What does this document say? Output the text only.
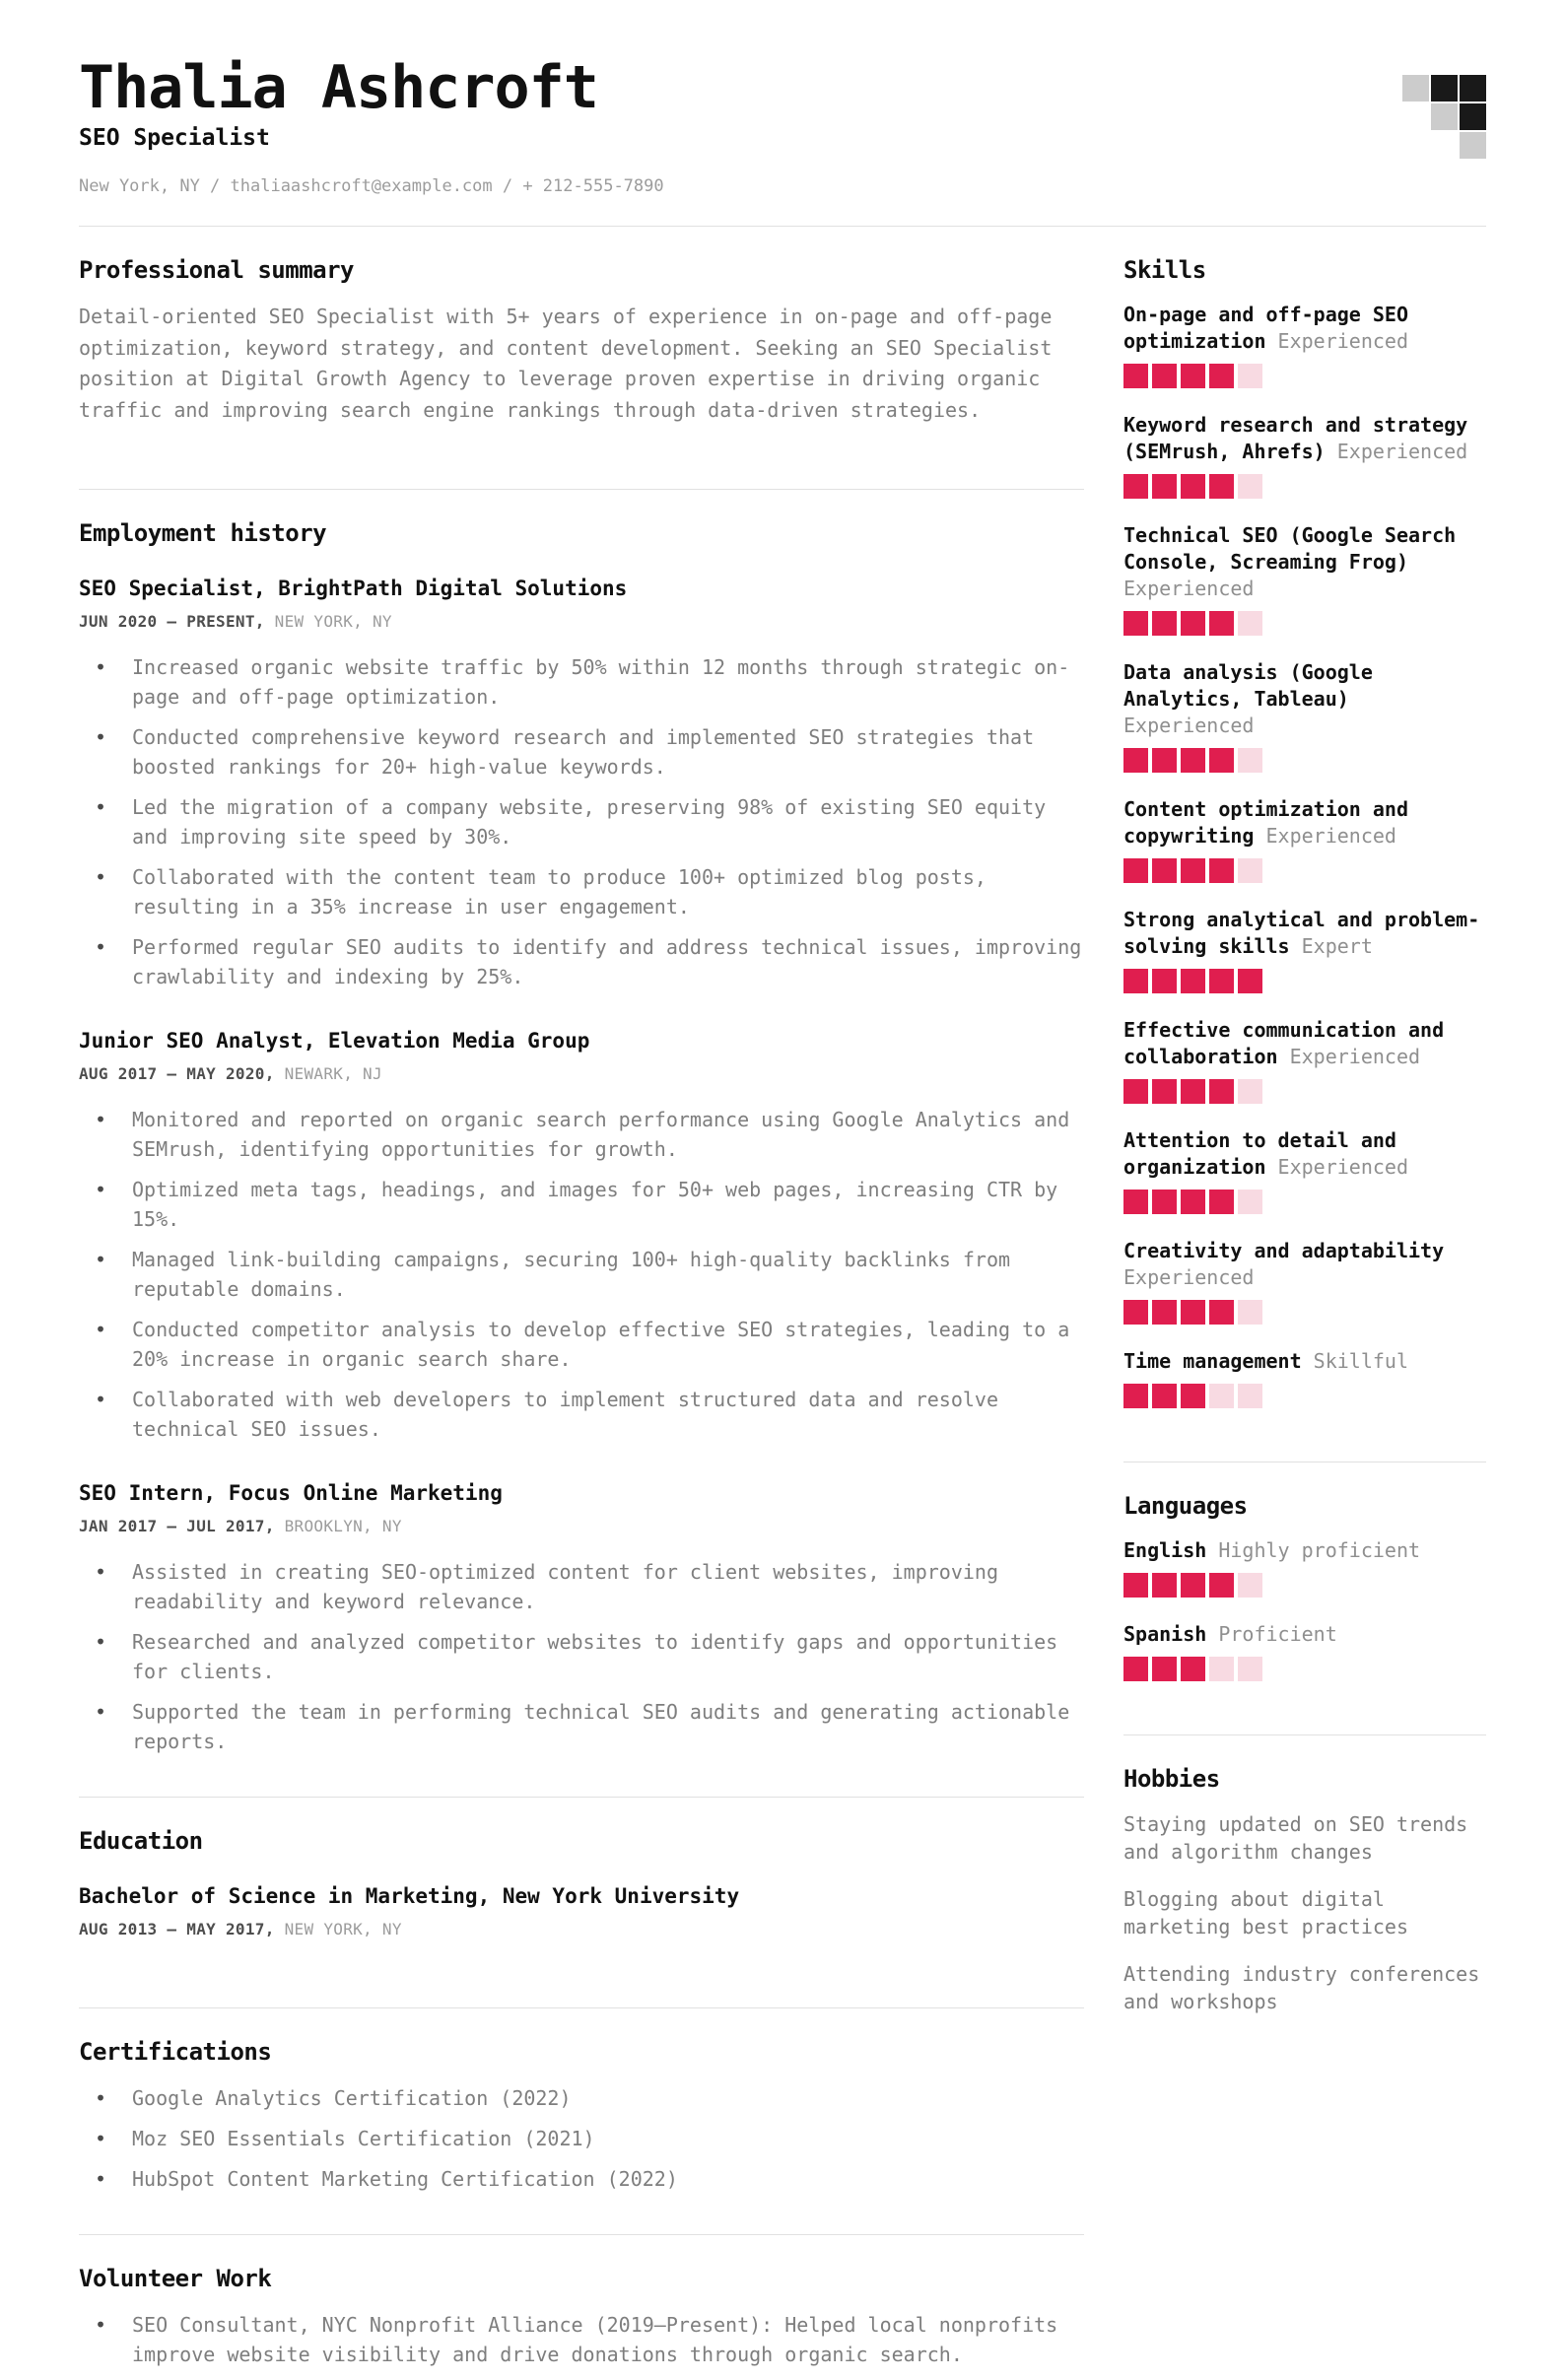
Thalia Ashcroft
SEO Specialist
New York, NY / thaliaashcroft@example.com / + 212-555-7890
Professional summary

Detail-oriented SEO Specialist with 5+ years of experience in on-page and off-page optimization, keyword strategy, and content development. Seeking an SEO Specialist position at Digital Growth Agency to leverage proven expertise in driving organic traffic and improving search engine rankings through data-driven strategies.

Employment history
SEO Specialist, BrightPath Digital Solutions

JUN 2020 – PRESENT, NEW YORK, NY

• Increased organic website traffic by 50% within 12 months through strategic on-page and off-page optimization.
• Conducted comprehensive keyword research and implemented SEO strategies that boosted rankings for 20+ high-value keywords.
• Led the migration of a company website, preserving 98% of existing SEO equity and improving site speed by 30%.
• Collaborated with the content team to produce 100+ optimized blog posts, resulting in a 35% increase in user engagement.
• Performed regular SEO audits to identify and address technical issues, improving crawlability and indexing by 25%.
Junior SEO Analyst, Elevation Media Group

AUG 2017 – MAY 2020, NEWARK, NJ

• Monitored and reported on organic search performance using Google Analytics and SEMrush, identifying opportunities for growth.
• Optimized meta tags, headings, and images for 50+ web pages, increasing CTR by 15%.
• Managed link-building campaigns, securing 100+ high-quality backlinks from reputable domains.
• Conducted competitor analysis to develop effective SEO strategies, leading to a 20% increase in organic search share.
• Collaborated with web developers to implement structured data and resolve technical SEO issues.
SEO Intern, Focus Online Marketing

JAN 2017 – JUL 2017, BROOKLYN, NY

• Assisted in creating SEO-optimized content for client websites, improving readability and keyword relevance.
• Researched and analyzed competitor websites to identify gaps and opportunities for clients.
• Supported the team in performing technical SEO audits and generating actionable reports.
Education
Bachelor of Science in Marketing, New York University

AUG 2013 – MAY 2017, NEW YORK, NY

Certifications
• Google Analytics Certification (2022)
• Moz SEO Essentials Certification (2021)
• HubSpot Content Marketing Certification (2022)
Volunteer Work
• SEO Consultant, NYC Nonprofit Alliance (2019–Present): Helped local nonprofits improve website visibility and drive donations through organic search.
Skills

On-page and off-page SEO optimization Experienced

Keyword research and strategy (SEMrush, Ahrefs) Experienced

Technical SEO (Google Search Console, Screaming Frog) Experienced

Data analysis (Google Analytics, Tableau) Experienced

Content optimization and copywriting Experienced

Strong analytical and problem-solving skills Expert

Effective communication and collaboration Experienced

Attention to detail and organization Experienced

Creativity and adaptability Experienced

Time management Skillful

Languages

English Highly proficient

Spanish Proficient

Hobbies

Staying updated on SEO trends and algorithm changes

Blogging about digital marketing best practices

Attending industry conferences and workshops
